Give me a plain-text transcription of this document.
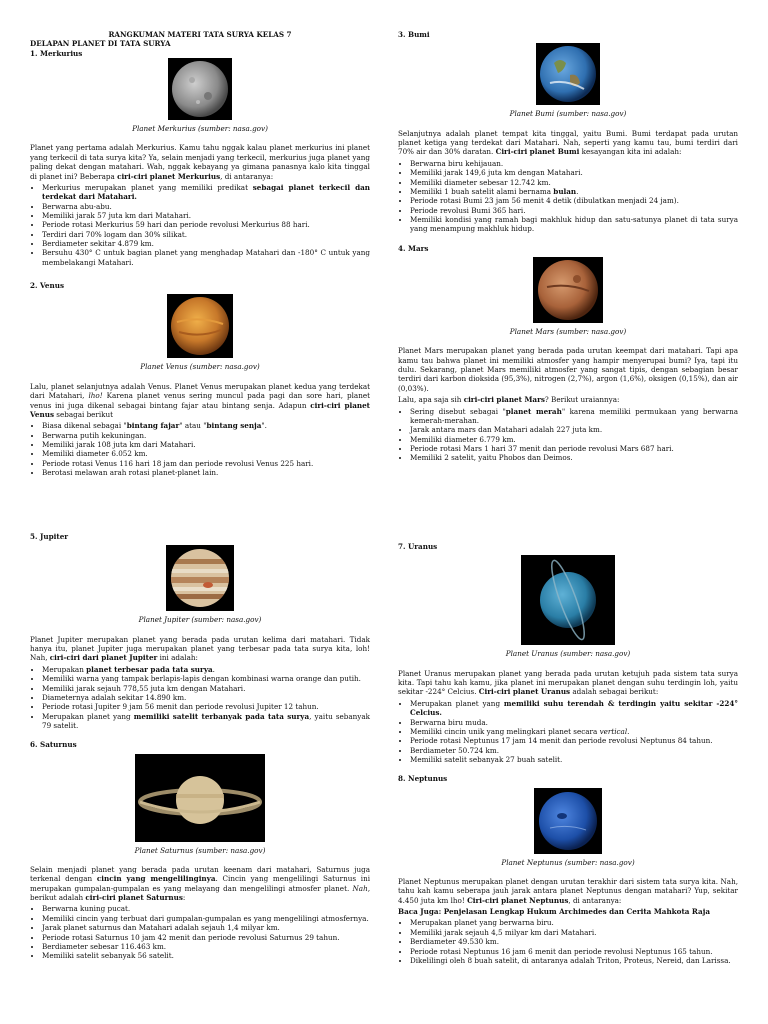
RANGKUMAN MATERI TATA SURYA KELAS 7
DELAPAN PLANET DI TATA SURYA
1. Merkurius
Planet Merkurius (sumber: nasa.gov)

Planet yang pertama adalah Merkurius. Kamu tahu nggak kalau planet merkurius ini planet yang terkecil di tata surya kita? Ya, selain menjadi yang terkecil, merkurius juga planet yang paling dekat dengan matahari. Wah, nggak kebayang ya gimana panasnya kalo kita tinggal di planet ini? Beberapa ciri-ciri planet Merkurius, di antaranya:

• Merkurius merupakan planet yang memiliki predikat sebagai planet terkecil dan terdekat dari Matahari.
• Berwarna abu-abu.
• Memiliki jarak 57 juta km dari Matahari.
• Periode rotasi Merkurius 59 hari dan periode revolusi Merkurius 88 hari.
• Terdiri dari 70% logam dan 30% silikat.
• Berdiameter sekitar 4.879 km.
• Bersuhu 430° C untuk bagian planet yang menghadap Matahari dan -180° C untuk yang membelakangi Matahari.
2. Venus
Planet Venus (sumber: nasa.gov)

Lalu, planet selanjutnya adalah Venus. Planet Venus merupakan planet kedua yang terdekat dari Matahari, lho! Karena planet venus sering muncul pada pagi dan sore hari, planet venus ini juga dikenal sebagai bintang fajar atau bintang senja. Adapun ciri-ciri planet Venus sebagai berikut

• Biasa dikenal sebagai "bintang fajar" atau "bintang senja".
• Berwarna putih kekuningan.
• Memiliki jarak 108 juta km dari Matahari.
• Memiliki diameter 6.052 km.
• Periode rotasi Venus 116 hari 18 jam dan periode revolusi Venus 225 hari.
• Berotasi melawan arah rotasi planet-planet lain.
3. Bumi
Planet Bumi (sumber: nasa.gov)

Selanjutnya adalah planet tempat kita tinggal, yaitu Bumi. Bumi terdapat pada urutan planet ketiga yang terdekat dari Matahari. Nah, seperti yang kamu tau, bumi terdiri dari 70% air dan 30% daratan. Ciri-ciri planet Bumi kesayangan kita ini adalah:

• Berwarna biru kehijauan.
• Memiliki jarak 149,6 juta km dengan Matahari.
• Memiliki diameter sebesar 12.742 km.
• Memiliki 1 buah satelit alami bernama bulan.
• Periode rotasi Bumi 23 jam 56 menit 4 detik (dibulatkan menjadi 24 jam).
• Periode revolusi Bumi 365 hari.
• Memiliki kondisi yang ramah bagi makhluk hidup dan satu-satunya planet di tata surya yang menampung makhluk hidup.
4. Mars
Planet Mars (sumber: nasa.gov)

Planet Mars merupakan planet yang berada pada urutan keempat dari matahari. Tapi apa kamu tau bahwa planet ini memiliki atmosfer yang hampir menyerupai bumi? Iya, tapi itu dulu. Sekarang, planet Mars memiliki atmosfer yang sangat tipis, dengan sebagian besar terdiri dari karbon dioksida (95,3%), nitrogen (2,7%), argon (1,6%), oksigen (0,15%), dan air (0,03%).

Lalu, apa saja sih ciri-ciri planet Mars? Berikut uraiannya:

• Sering disebut sebagai "planet merah" karena memiliki permukaan yang berwarna kemerah-merahan.
• Jarak antara mars dan Matahari adalah 227 juta km.
• Memiliki diameter 6.779 km.
• Periode rotasi Mars 1 hari 37 menit dan periode revolusi Mars 687 hari.
• Memiliki 2 satelit, yaitu Phobos dan Deimos.
5. Jupiter
Planet Jupiter (sumber: nasa.gov)

Planet Jupiter merupakan planet yang berada pada urutan kelima dari matahari. Tidak hanya itu, planet Jupiter juga merupakan planet yang terbesar pada tata surya kita, loh! Nah, ciri-ciri dari planet Jupiter ini adalah:

• Merupakan planet terbesar pada tata surya.
• Memiliki warna yang tampak berlapis-lapis dengan kombinasi warna orange dan putih.
• Memiliki jarak sejauh 778,55 juta km dengan Matahari.
• Diameternya adalah sekitar 14.890 km.
• Periode rotasi Jupiter 9 jam 56 menit dan periode revolusi Jupiter 12 tahun.
• Merupakan planet yang memiliki satelit terbanyak pada tata surya, yaitu sebanyak 79 satelit.
6. Saturnus
Planet Saturnus (sumber: nasa.gov)

Selain menjadi planet yang berada pada urutan keenam dari matahari, Saturnus juga terkenal dengan cincin yang mengelilinginya. Cincin yang mengelilingi Saturnus ini merupakan gumpalan-gumpalan es yang melayang dan mengelilingi atmosfer planet. Nah, berikut adalah ciri-ciri planet Saturnus:

• Berwarna kuning pucat.
• Memiliki cincin yang terbuat dari gumpalan-gumpalan es yang mengelilingi atmosfernya.
• Jarak planet saturnus dan Matahari adalah sejauh 1,4 milyar km.
• Periode rotasi Saturnus 10 jam 42 menit dan periode revolusi Saturnus 29 tahun.
• Berdiameter sebesar 116.463 km.
• Memiliki satelit sebanyak 56 satelit.
7. Uranus
Planet Uranus (sumber: nasa.gov)

Planet Uranus merupakan planet yang berada pada urutan ketujuh pada sistem tata surya kita. Tapi tahu kah kamu, jika planet ini merupakan planet dengan suhu terdingin loh, yaitu sekitar -224° Celcius. Ciri-ciri planet Uranus adalah sebagai berikut:

• Merupakan planet yang memiliki suhu terendah & terdingin yaitu sekitar -224° Celcius.
• Berwarna biru muda.
• Memiliki cincin unik yang melingkari planet secara vertical.
• Periode rotasi Neptunus 17 jam 14 menit dan periode revolusi Neptunus 84 tahun.
• Berdiameter 50.724 km.
• Memiliki satelit sebanyak 27 buah satelit.
8. Neptunus
Planet Neptunus (sumber: nasa.gov)

Planet Neptunus merupakan planet dengan urutan terakhir dari sistem tata surya kita. Nah, tahu kah kamu seberapa jauh jarak antara planet Neptunus dengan matahari? Yup, sekitar 4.450 juta km lho! Ciri-ciri planet Neptunus, di antaranya:

Baca Juga: Penjelasan Lengkap Hukum Archimedes dan Cerita Mahkota Raja

• Merupakan planet yang berwarna biru.
• Memiliki jarak sejauh 4,5 milyar km dari Matahari.
• Berdiameter 49.530 km.
• Periode rotasi Neptunus 16 jam 6 menit dan periode revolusi Neptunus 165 tahun.
• Dikelilingi oleh 8 buah satelit, di antaranya adalah Triton, Proteus, Nereid, dan Larissa.
